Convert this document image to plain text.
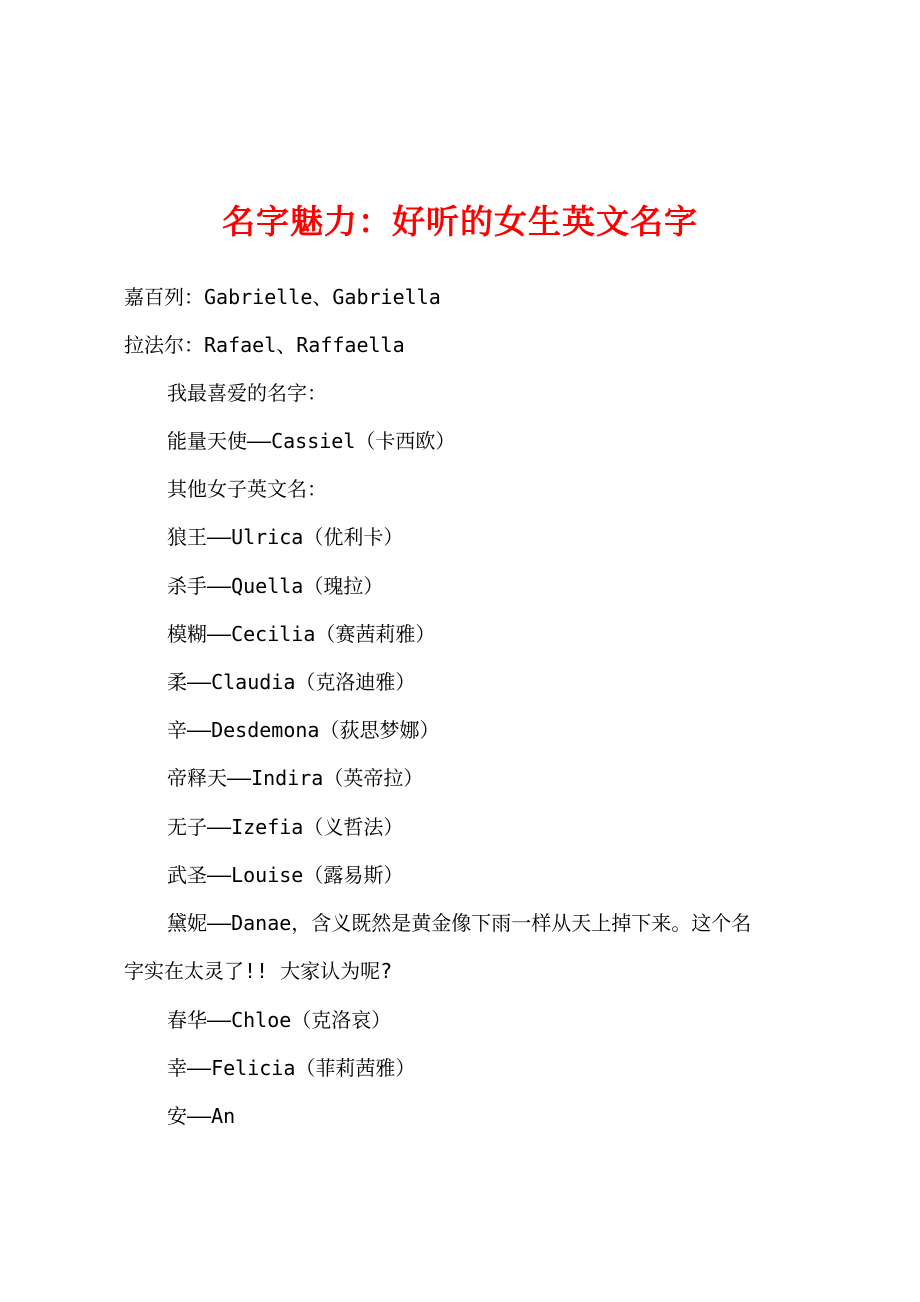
名字魅力：好听的女生英文名字
嘉百列：Gabrielle、Gabriella
拉法尔：Rafael、Raffaella
我最喜爱的名字：
能量天使——Cassiel（卡西欧）
其他女子英文名：
狼王——Ulrica（优利卡）
杀手——Quella（瑰拉）
模糊——Cecilia（赛茜莉雅）
柔——Claudia（克洛迪雅）
辛——Desdemona（荻思梦娜）
帝释天——Indira（英帝拉）
无子——Izefia（义哲法）
武圣——Louise（露易斯）
黛妮——Danae，含义既然是黄金像下雨一样从天上掉下来。这个名
字实在太灵了!! 大家认为呢?
春华——Chloe（克洛哀）
幸——Felicia（菲莉茜雅）
安——An
